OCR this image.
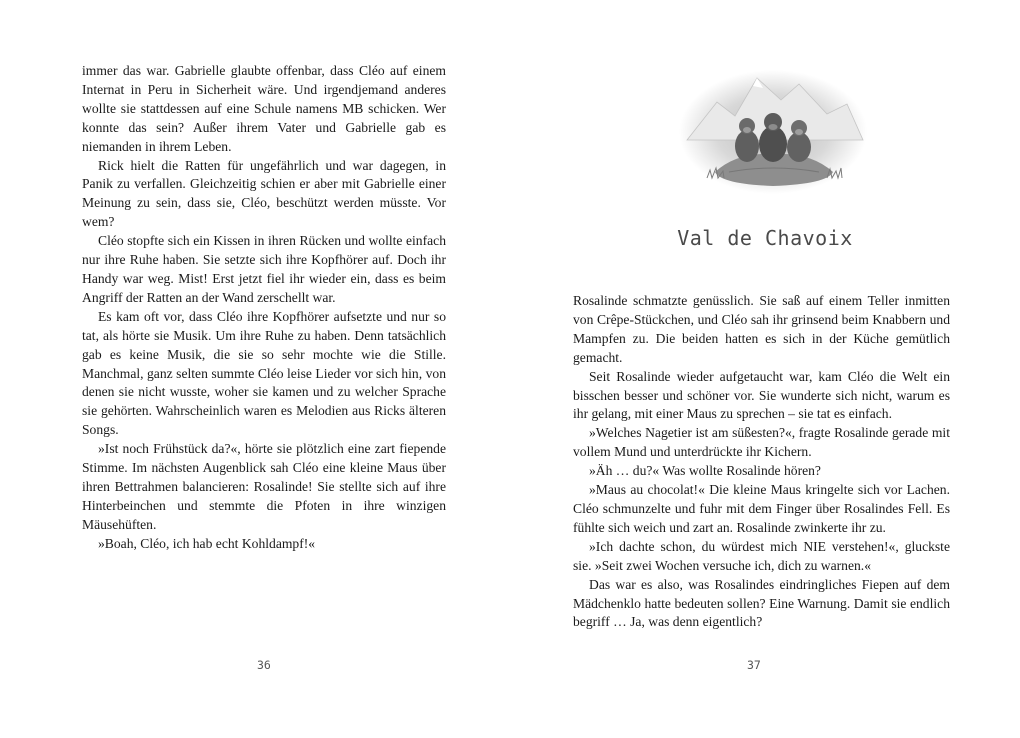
immer das war. Gabrielle glaubte offenbar, dass Cléo auf einem Internat in Peru in Sicherheit wäre. Und irgendjemand anderes wollte sie stattdessen auf eine Schule namens MB schicken. Wer konnte das sein? Außer ihrem Vater und Gabrielle gab es niemanden in ihrem Leben.

Rick hielt die Ratten für ungefährlich und war dagegen, in Panik zu verfallen. Gleichzeitig schien er aber mit Gabrielle einer Meinung zu sein, dass sie, Cléo, beschützt werden müsste. Vor wem?

Cléo stopfte sich ein Kissen in ihren Rücken und wollte einfach nur ihre Ruhe haben. Sie setzte sich ihre Kopfhörer auf. Doch ihr Handy war weg. Mist! Erst jetzt fiel ihr wieder ein, dass es beim Angriff der Ratten an der Wand zerschellt war.

Es kam oft vor, dass Cléo ihre Kopfhörer aufsetzte und nur so tat, als hörte sie Musik. Um ihre Ruhe zu haben. Denn tatsächlich gab es keine Musik, die sie so sehr mochte wie die Stille. Manchmal, ganz selten summte Cléo leise Lieder vor sich hin, von denen sie nicht wusste, woher sie kamen und zu welcher Sprache sie gehörten. Wahrscheinlich waren es Melodien aus Ricks älteren Songs.

»Ist noch Frühstück da?«, hörte sie plötzlich eine zart fiepende Stimme. Im nächsten Augenblick sah Cléo eine kleine Maus über ihren Bettrahmen balancieren: Rosalinde! Sie stellte sich auf ihre Hinterbeinchen und stemmte die Pfoten in ihre winzigen Mäusehüften.

»Boah, Cléo, ich hab echt Kohldampf!«

36
Val de Chavoix

Rosalinde schmatzte genüsslich. Sie saß auf einem Teller inmitten von Crêpe-Stückchen, und Cléo sah ihr grinsend beim Knabbern und Mampfen zu. Die beiden hatten es sich in der Küche gemütlich gemacht.

Seit Rosalinde wieder aufgetaucht war, kam Cléo die Welt ein bisschen besser und schöner vor. Sie wunderte sich nicht, warum es ihr gelang, mit einer Maus zu sprechen – sie tat es einfach.

»Welches Nagetier ist am süßesten?«, fragte Rosalinde gerade mit vollem Mund und unterdrückte ihr Kichern.

»Äh … du?« Was wollte Rosalinde hören?

»Maus au chocolat!« Die kleine Maus kringelte sich vor Lachen. Cléo schmunzelte und fuhr mit dem Finger über Rosalindes Fell. Es fühlte sich weich und zart an. Rosalinde zwinkerte ihr zu.

»Ich dachte schon, du würdest mich NIE verstehen!«, gluckste sie. »Seit zwei Wochen versuche ich, dich zu warnen.«

Das war es also, was Rosalindes eindringliches Fiepen auf dem Mädchenklo hatte bedeuten sollen? Eine Warnung. Damit sie endlich begriff … Ja, was denn eigentlich?

37
